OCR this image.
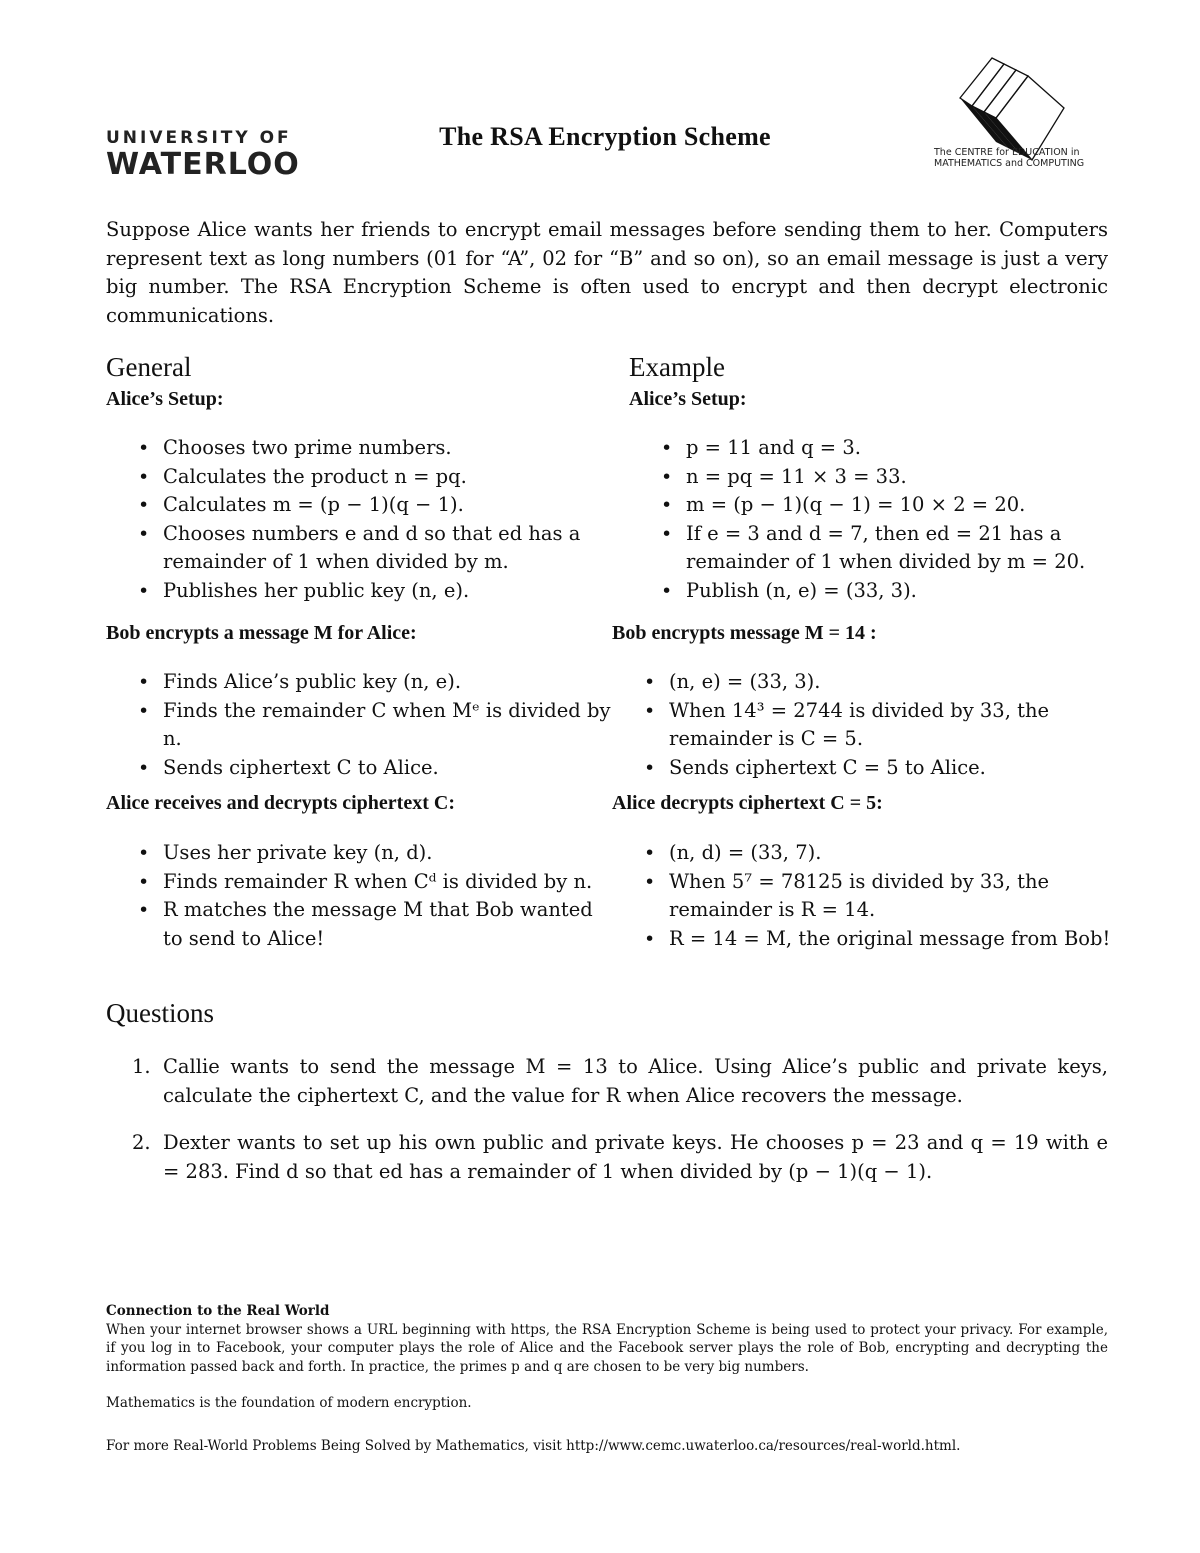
UNIVERSITY OF
WATERLOO
The RSA Encryption Scheme
The CENTRE for EDUCATION in
MATHEMATICS and COMPUTING
Suppose Alice wants her friends to encrypt email messages before sending them to her. Computers represent text as long numbers (01 for “A”, 02 for “B” and so on), so an email message is just a very big number. The RSA Encryption Scheme is often used to encrypt and then decrypt electronic communications.
General
Alice’s Setup:
• Chooses two prime numbers.
• Calculates the product n = pq.
• Calculates m = (p − 1)(q − 1).
• Chooses numbers e and d so that ed has a remainder of 1 when divided by m.
• Publishes her public key (n, e).
Bob encrypts a message M for Alice:
• Finds Alice’s public key (n, e).
• Finds the remainder C when Mᵉ is divided by n.
• Sends ciphertext C to Alice.
Alice receives and decrypts ciphertext C:
• Uses her private key (n, d).
• Finds remainder R when Cᵈ is divided by n.
• R matches the message M that Bob wanted to send to Alice!
Example
Alice’s Setup:
• p = 11 and q = 3.
• n = pq = 11 × 3 = 33.
• m = (p − 1)(q − 1) = 10 × 2 = 20.
• If e = 3 and d = 7, then ed = 21 has a remainder of 1 when divided by m = 20.
• Publish (n, e) = (33, 3).
Bob encrypts message M = 14 :
• (n, e) = (33, 3).
• When 14³ = 2744 is divided by 33, the remainder is C = 5.
• Sends ciphertext C = 5 to Alice.
Alice decrypts ciphertext C = 5:
• (n, d) = (33, 7).
• When 5⁷ = 78125 is divided by 33, the remainder is R = 14.
• R = 14 = M, the original message from Bob!
Questions
1. Callie wants to send the message M = 13 to Alice. Using Alice’s public and private keys, calculate the ciphertext C, and the value for R when Alice recovers the message.
2. Dexter wants to set up his own public and private keys. He chooses p = 23 and q = 19 with e = 283. Find d so that ed has a remainder of 1 when divided by (p − 1)(q − 1).

Connection to the Real World

When your internet browser shows a URL beginning with https, the RSA Encryption Scheme is being used to protect your privacy. For example, if you log in to Facebook, your computer plays the role of Alice and the Facebook server plays the role of Bob, encrypting and decrypting the information passed back and forth. In practice, the primes p and q are chosen to be very big numbers.

Mathematics is the foundation of modern encryption.

For more Real-World Problems Being Solved by Mathematics, visit http://www.cemc.uwaterloo.ca/resources/real-world.html.
